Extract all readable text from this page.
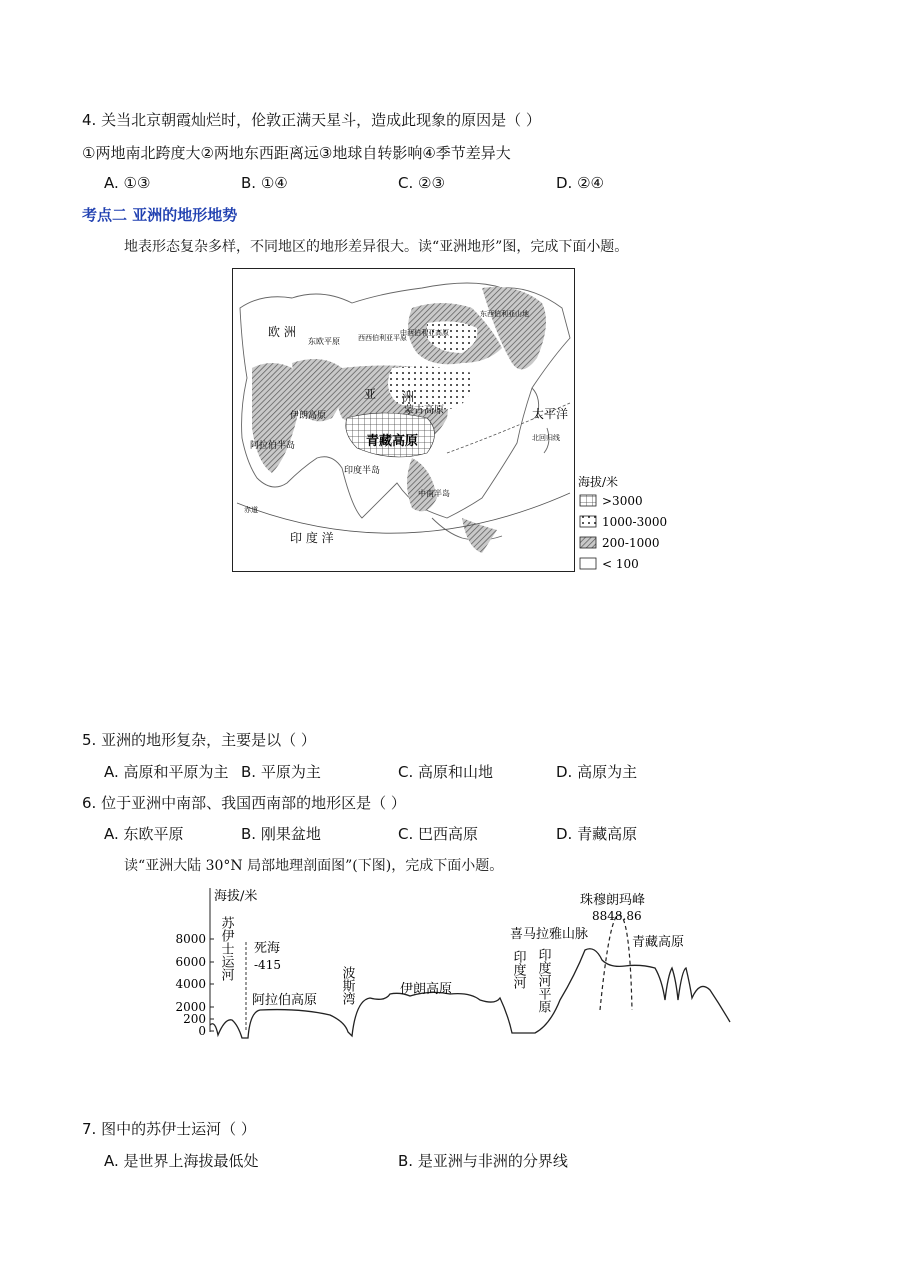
4. 关当北京朝霞灿烂时，伦敦正满天星斗，造成此现象的原因是（ ）
①两地南北跨度大②两地东西距离远③地球自转影响④季节差异大
A. ①③	B. ①④	C. ②③	D. ②④
考点二 亚洲的地形地势
地表形态复杂多样，不同地区的地形差异很大。读“亚洲地形”图，完成下面小题。
欧 洲
东欧平原	西西伯利亚平原
中西伯利亚高原
东西伯利亚山地
亚 洲
蒙古高原
青藏高原
伊朗高原
阿拉伯半岛
印度半岛
中南半岛
太平洋
印 度 洋
北回归线
赤道
海拔/米
>3000
1000-3000
200-1000
< 100
5. 亚洲的地形复杂，主要是以（ ）
A. 高原和平原为主 B. 平原为主	C. 高原和山地	D. 高原为主
6. 位于亚洲中南部、我国西南部的地形区是（ ）
A. 东欧平原	B. 刚果盆地	C. 巴西高原	D. 青藏高原
读“亚洲大陆 30°N 局部地理剖面图”(下图)，完成下面小题。
海拔/米
8000
6000
4000
2000
200
0
苏伊士运河	印度河 印度河平原
波斯湾
死海
-415
阿拉伯高原
伊朗高原
喜马拉雅山脉
珠穆朗玛峰
8848.86
青藏高原
7. 图中的苏伊士运河（ ）
A. 是世界上海拔最低处	B. 是亚洲与非洲的分界线
